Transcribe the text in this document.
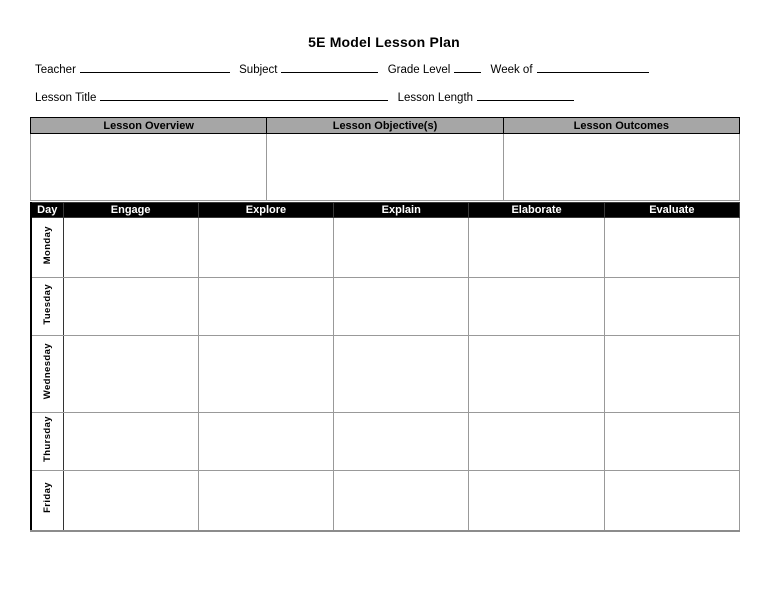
5E Model Lesson Plan
Teacher	Subject	Grade Level	Week of
Lesson Title	Lesson Length
Lesson Overview	Lesson Objective(s)	Lesson Outcomes

Day	Engage	Explore	Explain	Elaborate	Evaluate
Monday					
Tuesday					
Wednesday					
Thursday					
Friday					
